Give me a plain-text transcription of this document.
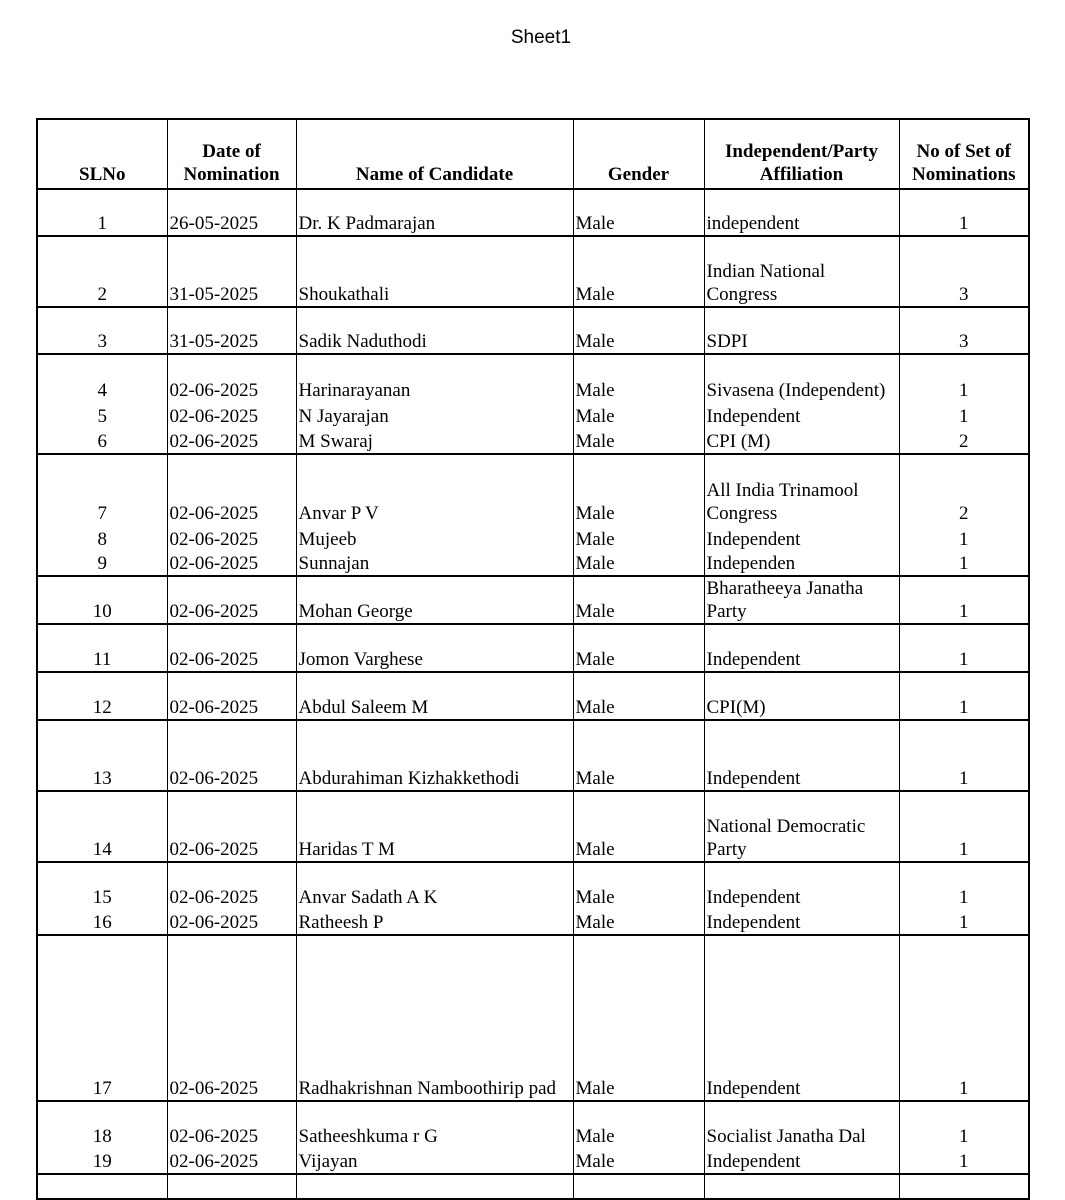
Sheet1
SLNo	Date of Nomination	Name of Candidate	Gender	Independent/Party Affiliation	No of Set of Nominations
1	26-05-2025	Dr. K Padmarajan	Male	independent	1
2	31-05-2025	Shoukathali	Male	Indian National Congress	3
3	31-05-2025	Sadik Naduthodi	Male	SDPI	3
4	02-06-2025	Harinarayanan	Male	Sivasena (Independent)	1
5	02-06-2025	N Jayarajan	Male	Independent	1
6	02-06-2025	M Swaraj	Male	CPI (M)	2
7	02-06-2025	Anvar P V	Male	All India Trinamool Congress	2
8	02-06-2025	Mujeeb	Male	Independent	1
9	02-06-2025	Sunnajan	Male	Independen	1
10	02-06-2025	Mohan George	Male	Bharatheeya Janatha Party	1
11	02-06-2025	Jomon Varghese	Male	Independent	1
12	02-06-2025	Abdul Saleem M	Male	CPI(M)	1
13	02-06-2025	Abdurahiman Kizhakkethodi	Male	Independent	1
14	02-06-2025	Haridas T M	Male	National Democratic Party	1
15	02-06-2025	Anvar Sadath A K	Male	Independent	1
16	02-06-2025	Ratheesh P	Male	Independent	1
17	02-06-2025	Radhakrishnan Namboothirip pad	Male	Independent	1
18	02-06-2025	Satheeshkuma r G	Male	Socialist Janatha Dal	1
19	02-06-2025	Vijayan	Male	Independent	1
